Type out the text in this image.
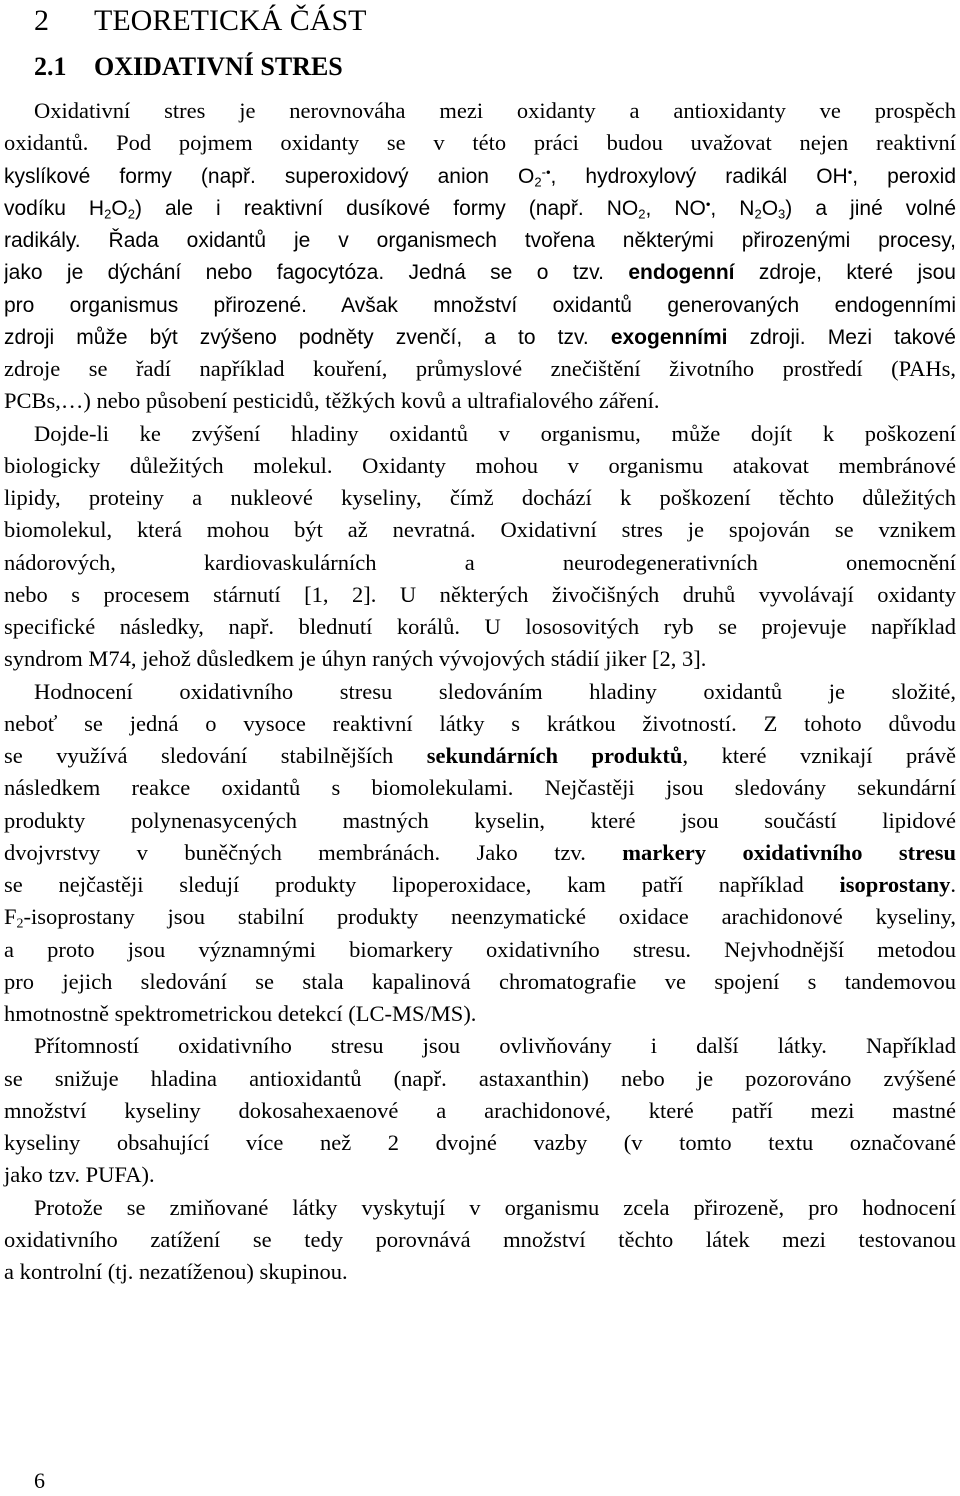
2 TEORETICKÁ ČÁST
2.1 OXIDATIVNÍ STRES
Oxidativní stres je nerovnováha mezi oxidanty a antioxidanty ve prospěch
oxidantů. Pod pojmem oxidanty se v této práci budou uvažovat nejen reaktivní
kyslíkové formy (např. superoxidový anion $O_2^{-•}$, hydroxylový radikál OH•, peroxid
vodíku $H_2O_2$) ale i reaktivní dusíkové formy (např. $NO_2$, NO•, $N_2O_3$) a jiné volné
radikály. Řada oxidantů je v organismech tvořena některými přirozenými procesy,
jako je dýchání nebo fagocytóza. Jedná se o tzv. endogenní zdroje, které jsou
pro organismus přirozené. Avšak množství oxidantů generovaných endogenními
zdroji může být zvýšeno podněty zvenčí, a to tzv. exogenními zdroji. Mezi takové
zdroje se řadí například kouření, průmyslové znečištění životního prostředí (PAHs,
PCBs,…) nebo působení pesticidů, těžkých kovů a ultrafialového záření.
Dojde-li ke zvýšení hladiny oxidantů v organismu, může dojít k poškození
biologicky důležitých molekul. Oxidanty mohou v organismu atakovat membránové
lipidy, proteiny a nukleové kyseliny, čímž dochází k poškození těchto důležitých
biomolekul, která mohou být až nevratná. Oxidativní stres je spojován se vznikem
nádorových, kardiovaskulárních a neurodegenerativních onemocnění
nebo s procesem stárnutí [1, 2]. U některých živočišných druhů vyvolávají oxidanty
specifické následky, např. blednutí korálů. U lososovitých ryb se projevuje například
syndrom M74, jehož důsledkem je úhyn raných vývojových stádií jiker [2, 3].
Hodnocení oxidativního stresu sledováním hladiny oxidantů je složité,
neboť se jedná o vysoce reaktivní látky s krátkou životností. Z tohoto důvodu
se využívá sledování stabilnějších sekundárních produktů, které vznikají právě
následkem reakce oxidantů s biomolekulami. Nejčastěji jsou sledovány sekundární
produkty polynenasycených mastných kyselin, které jsou součástí lipidové
dvojvrstvy v buněčných membránách. Jako tzv. markery oxidativního stresu
se nejčastěji sledují produkty lipoperoxidace, kam patří například isoprostany.
$F_2$-isoprostany jsou stabilní produkty neenzymatické oxidace arachidonové kyseliny,
a proto jsou významnými biomarkery oxidativního stresu. Nejvhodnější metodou
pro jejich sledování se stala kapalinová chromatografie ve spojení s tandemovou
hmotnostně spektrometrickou detekcí (LC-MS/MS).
Přítomností oxidativního stresu jsou ovlivňovány i další látky. Například
se snižuje hladina antioxidantů (např. astaxanthin) nebo je pozorováno zvýšené
množství kyseliny dokosahexaenové a arachidonové, které patří mezi mastné
kyseliny obsahující více než 2 dvojné vazby (v tomto textu označované
jako tzv. PUFA).
Protože se zmiňované látky vyskytují v organismu zcela přirozeně, pro hodnocení
oxidativního zatížení se tedy porovnává množství těchto látek mezi testovanou
a kontrolní (tj. nezatíženou) skupinou.
6
